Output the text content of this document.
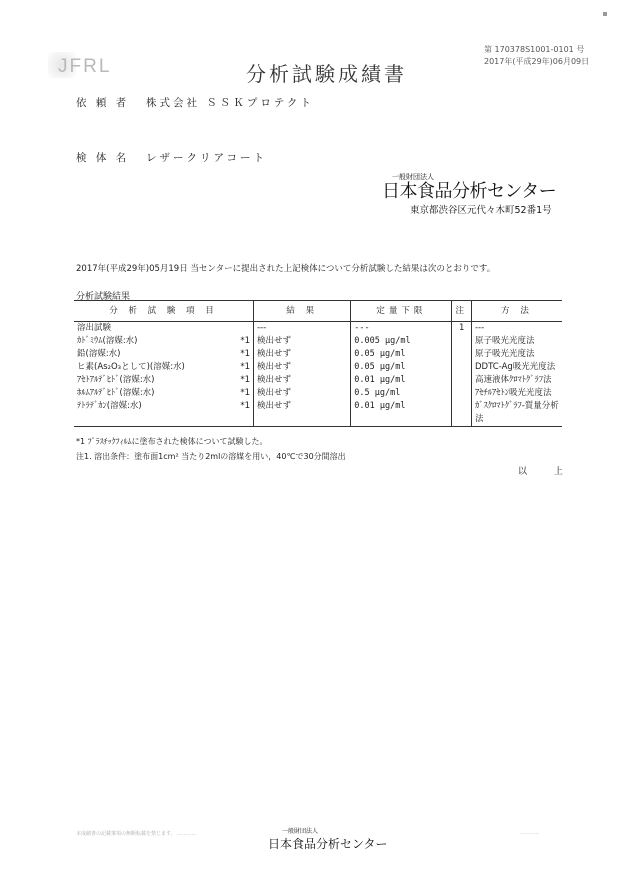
JFRL	分析試験成績書
第 170378S1001-0101 号
2017年(平成29年)06月09日
依 頼 者 株式会社 ＳＳＫプロテクト
検 体 名 レザークリアコート
一般財団法人
日本食品分析センター
東京都渋谷区元代々木町52番1号
2017年(平成29年)05月19日 当センターに提出された上記検体について分析試験した結果は次のとおりです。
分析試験結果
分 析 試 験 項 目		結 果	定量下限	注	方 法
溶出試験		---	---	1	---
ｶﾄﾞﾐｳﾑ(溶媒:水)	*1	検出せず	0.005 μg/ml		原子吸光光度法
鉛(溶媒:水)	*1	検出せず	0.05 μg/ml		原子吸光光度法
ヒ素(As₂O₃として)(溶媒:水)	*1	検出せず	0.05 μg/ml		DDTC-Ag吸光光度法
ｱｾﾄｱﾙﾃﾞﾋﾄﾞ(溶媒:水)	*1	検出せず	0.01 μg/ml		高速液体ｸﾛﾏﾄｸﾞﾗﾌ法
ﾎﾙﾑｱﾙﾃﾞﾋﾄﾞ(溶媒:水)	*1	検出せず	0.5 μg/ml		ｱｾﾁﾙｱｾﾄﾝ吸光光度法
ﾃﾄﾗﾃﾞｶﾝ(溶媒:水)	*1	検出せず	0.01 μg/ml		ｶﾞｽｸﾛﾏﾄｸﾞﾗﾌ-質量分析
					法
*1 ﾌﾟﾗｽﾁｯｸﾌｨﾙﾑに塗布された検体について試験した。
注1. 溶出条件：塗布面1cm² 当たり2mlの溶媒を用い，40℃で30分間溶出
以 上
本成績書の記載事項の無断転載を禁じます。 ............	一般財団法人
日本食品分析センター
............
